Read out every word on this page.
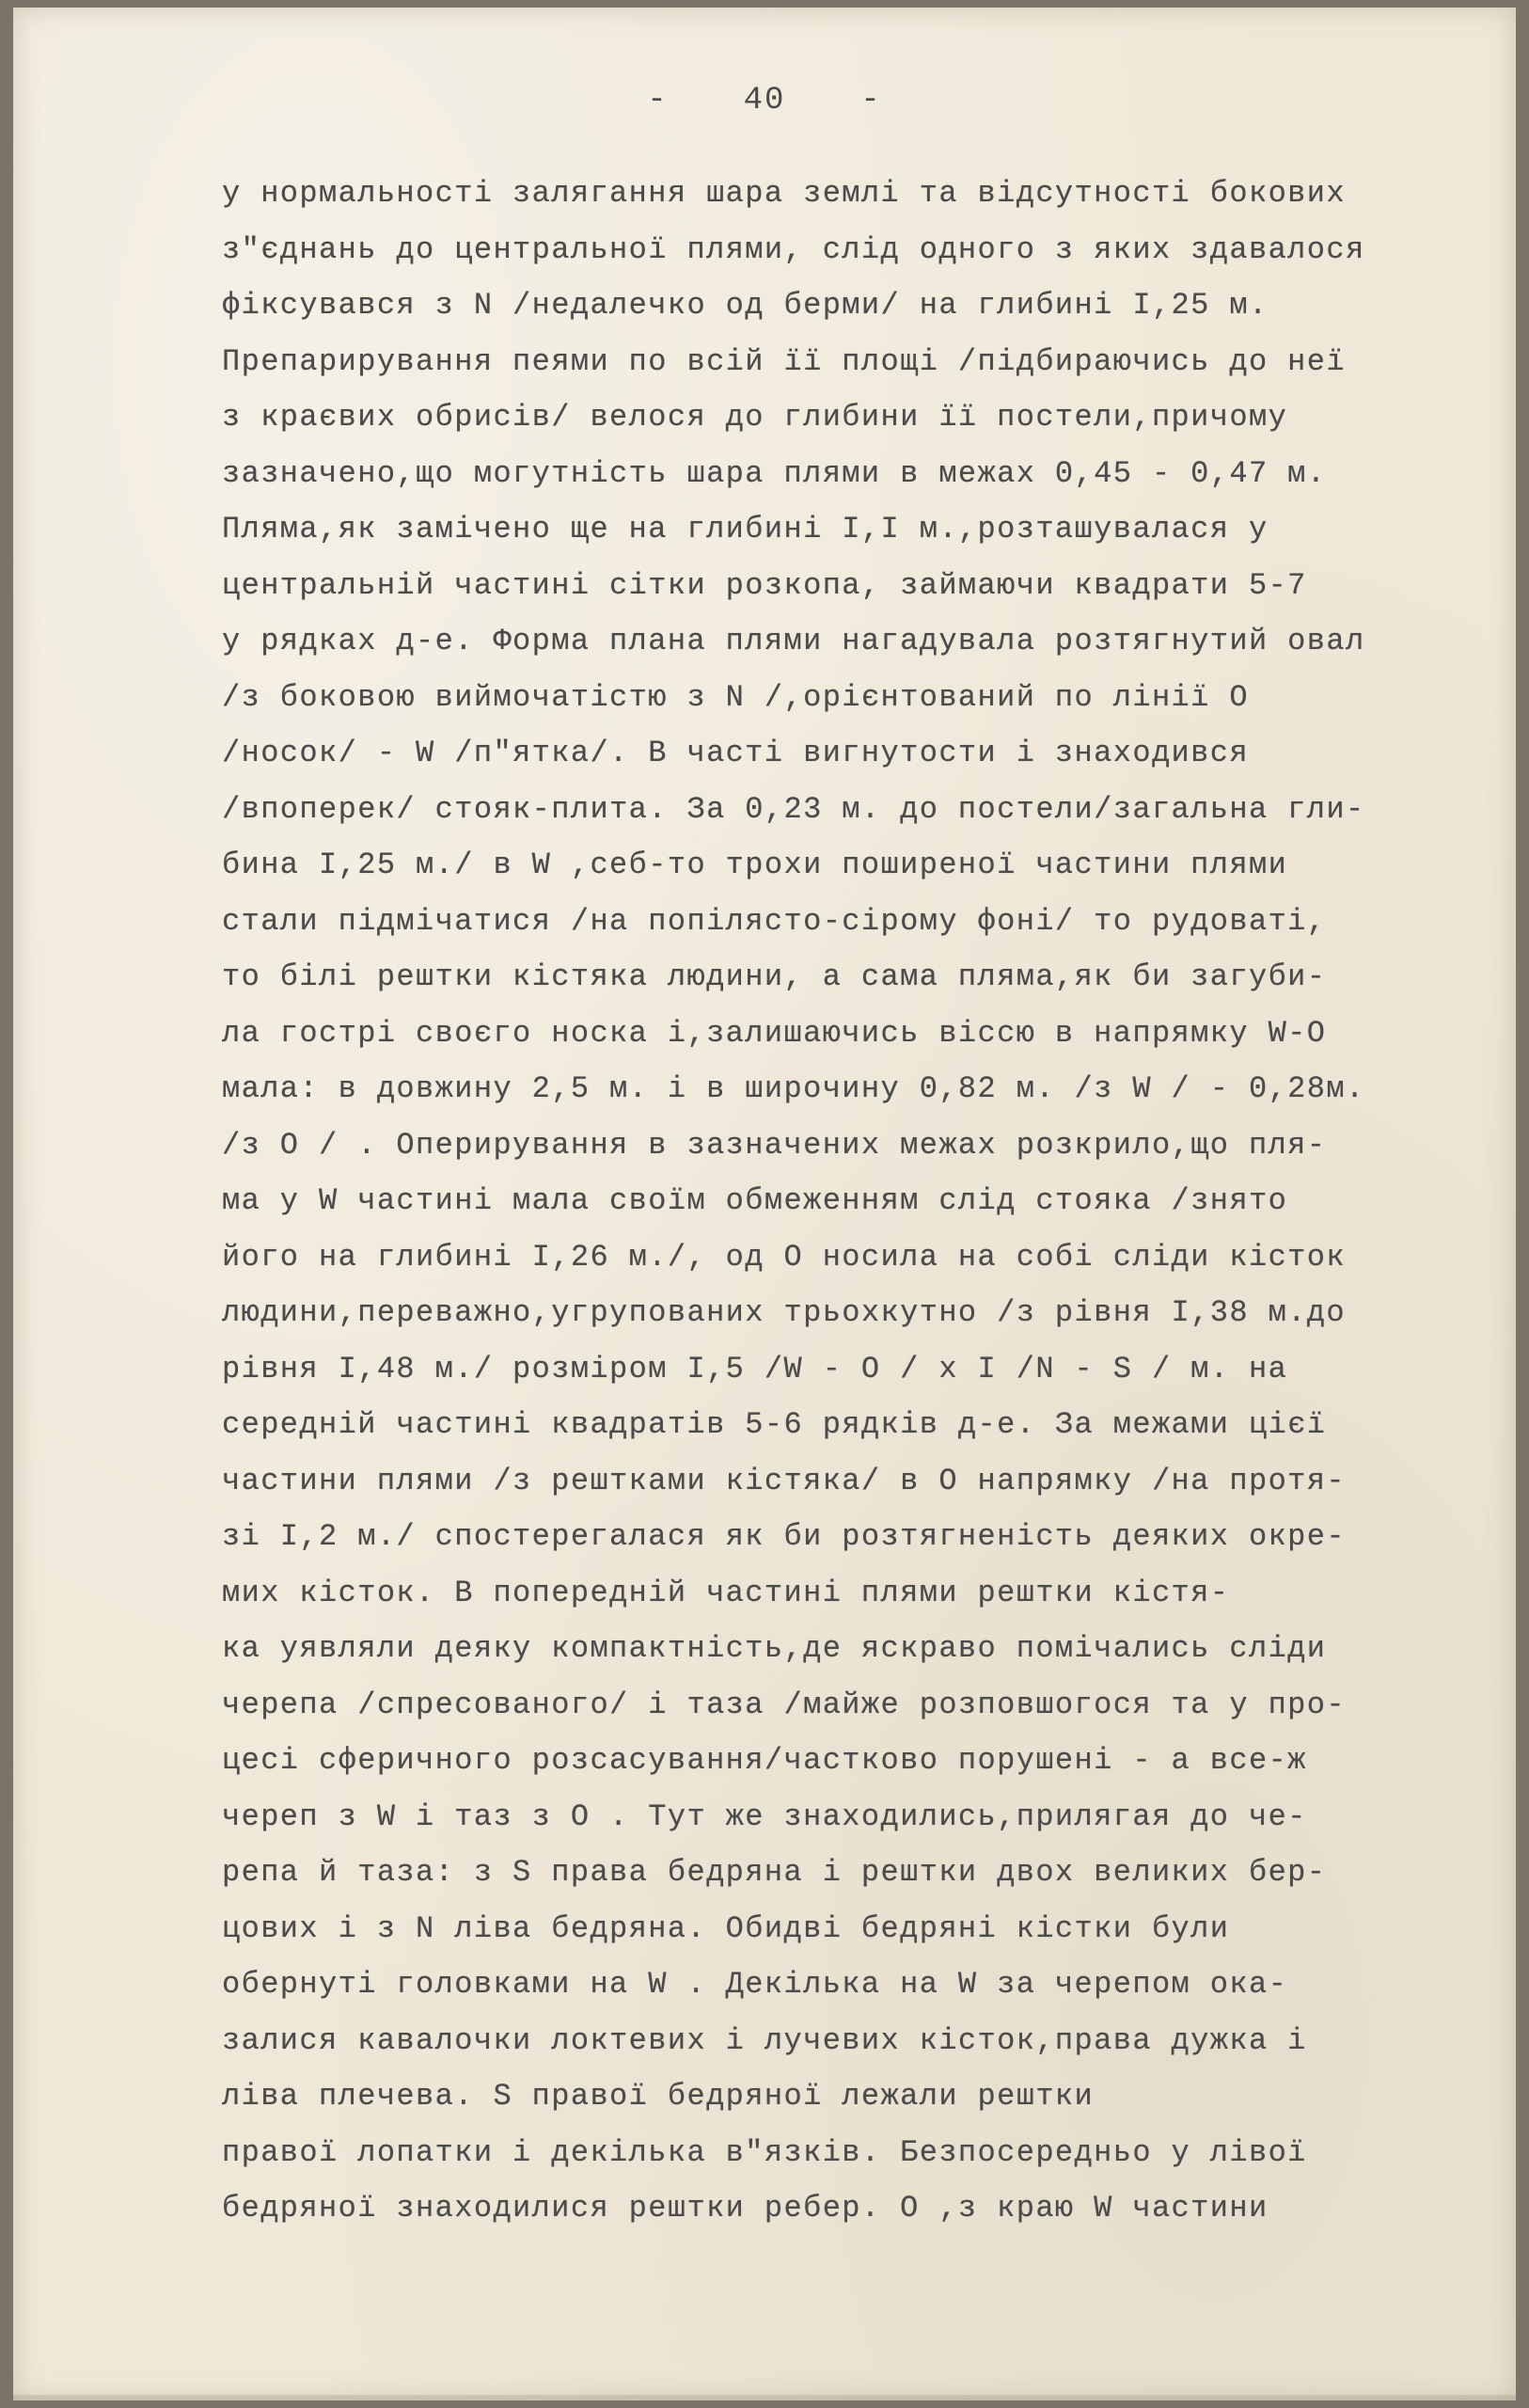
- 40 -
у нормальності залягання шара землі та відсутності бокових
з"єднань до центральної плями, слід одного з яких здавалося
фіксувався з N /недалечко од берми/ на глибині І,25 м.
Препарирування пеями по всій її площі /підбираючись до неї
з краєвих обрисів/ велося до глибини її постели,причому
зазначено,що могутність шара плями в межах 0,45 - 0,47 м.
Пляма,як замічено ще на глибині І,І м.,розташувалася у
центральній частині сітки розкопа, займаючи квадрати 5-7
у рядках д-е. Форма плана плями нагадувала розтягнутий овал
/з боковою виймочатістю з N /,орієнтований по лінії O
/носок/ - W /п"ятка/. В часті вигнутости і знаходився
/впоперек/ стояк-плита. За 0,23 м. до постели/загальна гли-
бина І,25 м./ в W ,себ-то трохи поширеної частини плями
стали підмічатися /на попілясто-сірому фоні/ то рудоваті,
то білі рештки кістяка людини, а сама пляма,як би загуби-
ла гострі своєго носка і,залишаючись віссю в напрямку W-O
мала: в довжину 2,5 м. і в широчину 0,82 м. /з W / - 0,28м.
/з O / . Оперирування в зазначених межах розкрило,що пля-
ма у W частині мала своїм обмеженням слід стояка /знято
його на глибині І,26 м./, од O носила на собі сліди кісток
людини,переважно,угрупованих трьохкутно /з рівня І,38 м.до
рівня І,48 м./ розміром І,5 /W - O / х І /N - S / м. на
середній частині квадратів 5-6 рядків д-е. За межами цієї
частини плями /з рештками кістяка/ в O напрямку /на протя-
зі І,2 м./ спостерегалася як би розтягненість деяких окре-
мих кісток. В попередній частині плями рештки кістя-
ка уявляли деяку компактність,де яскраво помічались сліди
черепа /спресованого/ і таза /майже розповшогося та у про-
цесі сферичного розсасування/частково порушені - а все-ж
череп з W і таз з O . Тут же знаходились,прилягая до че-
репа й таза: з S права бедряна і рештки двох великих бер-
цових і з N ліва бедряна. Обидві бедряні кістки були
обернуті головками на W . Декілька на W за черепом ока-
залися кавалочки локтевих і лучевих кісток,права дужка і
ліва плечева. S правої бедряної лежали рештки
правої лопатки і декілька в"язків. Безпосередньо у лівої
бедряної знаходилися рештки ребер. O ,з краю W частини
